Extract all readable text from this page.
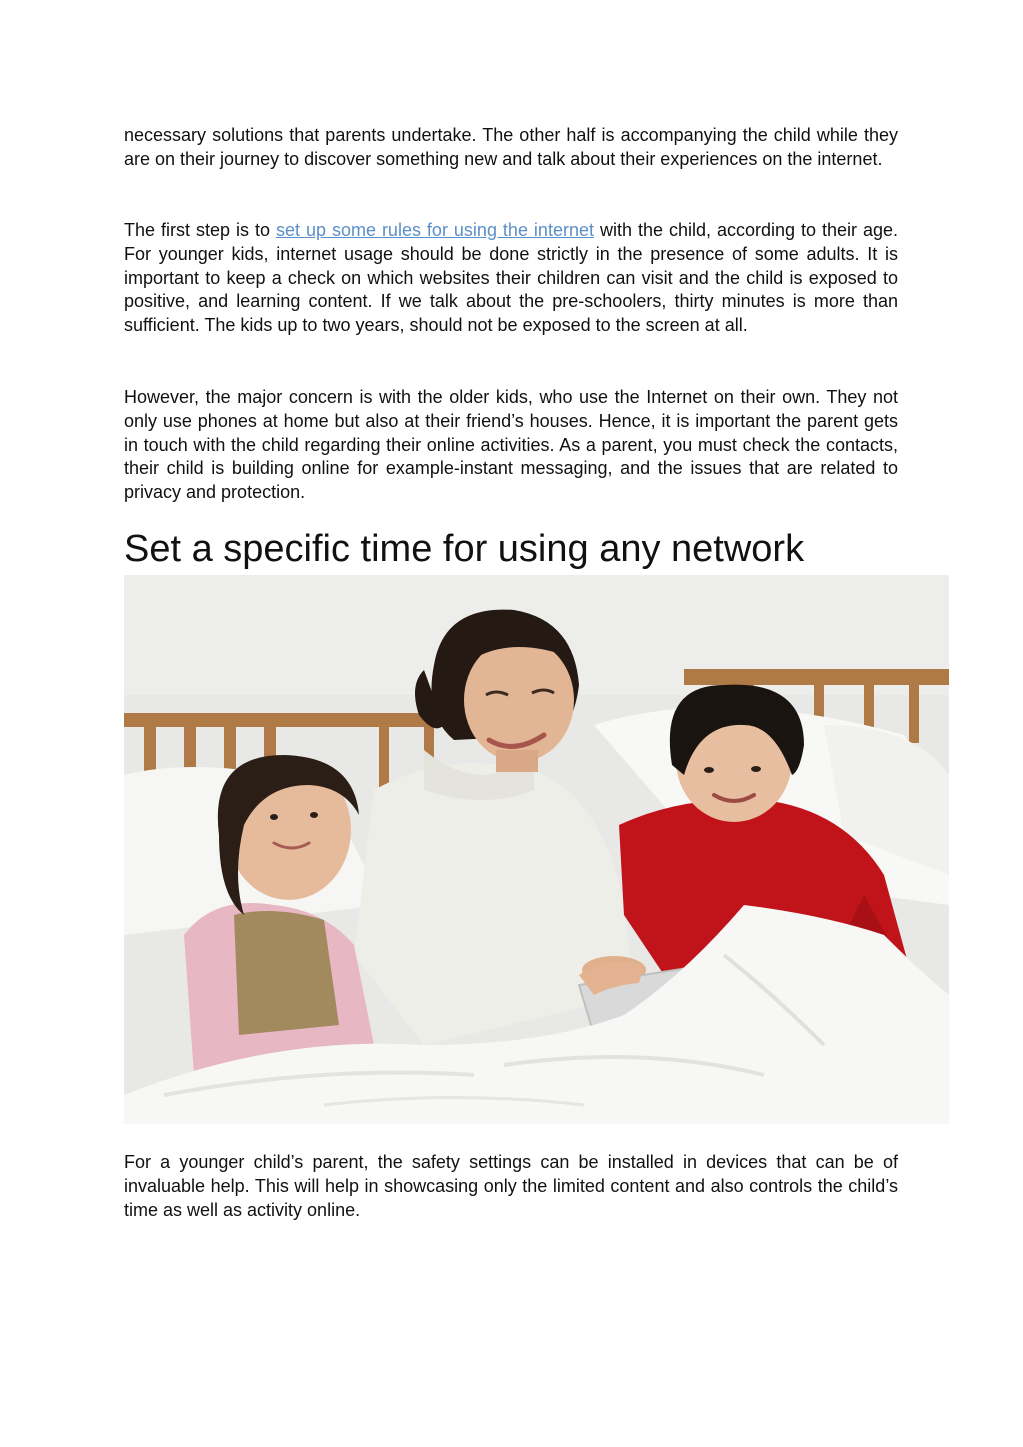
necessary solutions that parents undertake. The other half is accompanying the child while they are on their journey to discover something new and talk about their experiences on the internet.

The first step is to set up some rules for using the internet with the child, according to their age. For younger kids, internet usage should be done strictly in the presence of some adults. It is important to keep a check on which websites their children can visit and the child is exposed to positive, and learning content. If we talk about the pre-schoolers, thirty minutes is more than sufficient. The kids up to two years, should not be exposed to the screen at all.

However, the major concern is with the older kids, who use the Internet on their own. They not only use phones at home but also at their friend’s houses. Hence, it is important the parent gets in touch with the child regarding their online activities. As a parent, you must check the contacts, their child is building online for example-instant messaging, and the issues that are related to privacy and protection.

Set a specific time for using any network

For a younger child’s parent, the safety settings can be installed in devices that can be of invaluable help. This will help in showcasing only the limited content and also controls the child’s time as well as activity online.
